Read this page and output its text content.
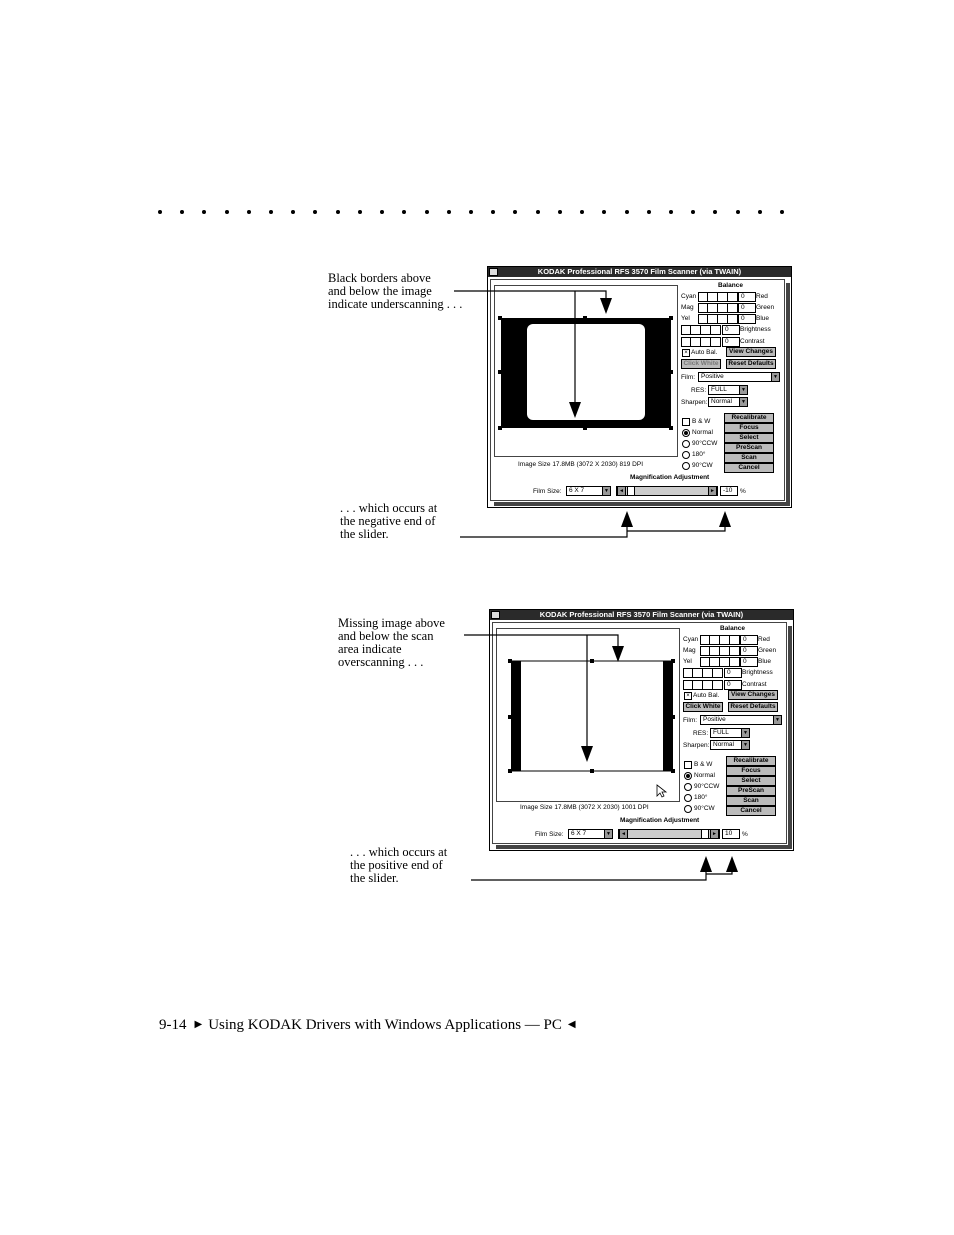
Black borders above
and below the image
indicate underscanning . . .
. . . which occurs at
the negative end of
the slider.
KODAK Professional RFS 3570 Film Scanner (via TWAIN)
Image Size 17.8MB (3072 X 2030) 819 DPI
Balance
Cyan	0	Red
Mag	0	Green
Yel	0	Blue
0	Brightness
0	Contrast
× Auto Bal.	View Changes
Click White	Reset Defaults
Film: Positive	▼
RES: FULL	▼
Sharpen: Normal	▼
B & W
Normal
90°CCW
180°
90°CW
Recalibrate
Focus
Select
PreScan
Scan
Cancel
Magnification Adjustment
Film Size:	6 X 7	▼	◄	►	-10	%
Missing image above
and below the scan
area indicate
overscanning . . .
. . . which occurs at
the positive end of
the slider.
KODAK Professional RFS 3570 Film Scanner (via TWAIN)
Image Size 17.8MB (3072 X 2030) 1001 DPI
Balance
Cyan	0	Red
Mag	0	Green
Yel	0	Blue
0	Brightness
0	Contrast
× Auto Bal.	View Changes
Click White	Reset Defaults
Film: Positive	▼
RES: FULL	▼
Sharpen: Normal	▼
B & W
Normal
90°CCW
180°
90°CW
Recalibrate
Focus
Select
PreScan
Scan
Cancel
Magnification Adjustment
Film Size:	6 X 7	▼	◄	►	10	%
9-14 ▶ Using KODAK Drivers with Windows Applications — PC ◀
